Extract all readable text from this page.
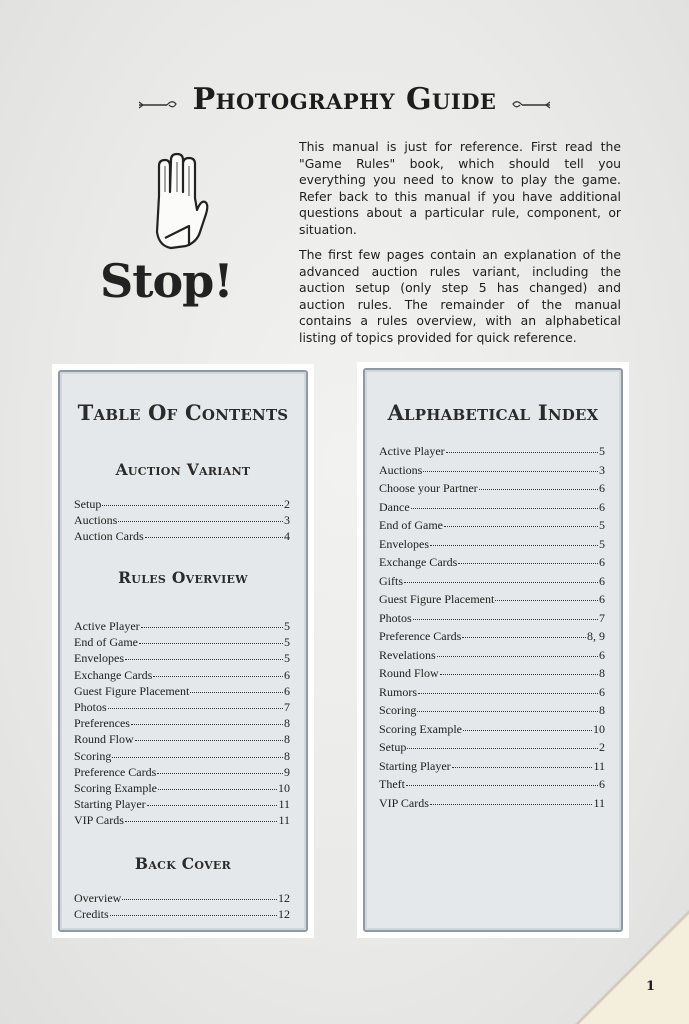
Photography Guide
Stop!

This manual is just for reference. First read the "Game Rules" book, which should tell you everything you need to know to play the game. Refer back to this manual if you have additional questions about a particular rule, component, or situation.

The first few pages contain an explanation of the advanced auction rules variant, including the auction setup (only step 5 has changed) and auction rules. The remainder of the manual contains a rules overview, with an alphabetical listing of topics provided for quick reference.

Table Of Contents
Auction Variant
Setup	2
Auctions	3
Auction Cards	4
Rules Overview
Active Player	5
End of Game	5
Envelopes	5
Exchange Cards	6
Guest Figure Placement	6
Photos	7
Preferences	8
Round Flow	8
Scoring	8
Preference Cards	9
Scoring Example	10
Starting Player	11
VIP Cards	11
Back Cover
Overview	12
Credits	12
Alphabetical Index
Active Player	5
Auctions	3
Choose your Partner	6
Dance	6
End of Game	5
Envelopes	5
Exchange Cards	6
Gifts	6
Guest Figure Placement	6
Photos	7
Preference Cards	8, 9
Revelations	6
Round Flow	8
Rumors	6
Scoring	8
Scoring Example	10
Setup	2
Starting Player	11
Theft	6
VIP Cards	11
1
